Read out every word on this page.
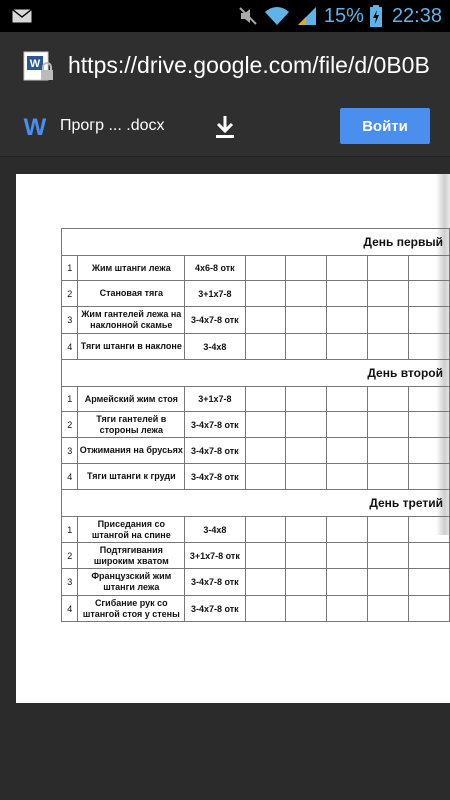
15% 22:38
W https://drive.google.com/file/d/0B0B
W Прогр ... .docx	Войти
День первый							
1	Жим штанги лежа	4x6-8 отк					
2	Становая тяга	3+1x7-8					
3	Жим гантелей лежа на наклонной скамье	3-4x7-8 отк					
4	Тяги штанги в наклоне	3-4x8					
День второй							
1	Армейский жим стоя	3+1x7-8					
2	Тяги гантелей в стороны лежа	3-4x7-8 отк					
3	Отжимания на брусьях	3-4x7-8 отк					
4	Тяги штанги к груди	3-4x7-8 отк					
День третий							
1	Приседания со штангой на спине	3-4x8					
2	Подтягивания широким хватом	3+1x7-8 отк					
3	Французский жим штанги лежа	3-4x7-8 отк					
4	Сгибание рук со штангой стоя у стены	3-4x7-8 отк					
